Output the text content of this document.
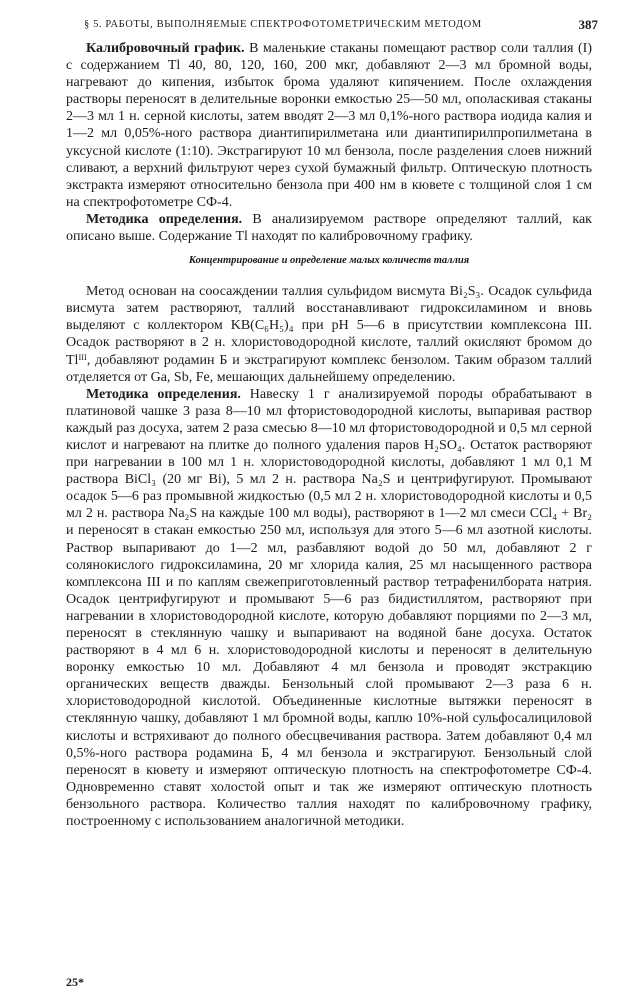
§ 5. РАБОТЫ, ВЫПОЛНЯЕМЫЕ СПЕКТРОФОТОМЕТРИЧЕСКИМ МЕТОДОМ	387

Калибровочный график. В маленькие стаканы помещают раствор соли таллия (I) с содержанием Tl 40, 80, 120, 160, 200 мкг, добавляют 2—3 мл бромной воды, нагревают до кипения, избыток брома удаляют кипячением. После охлаждения растворы переносят в делительные воронки емкостью 25—50 мл, ополаскивая стаканы 2—3 мл 1 н. серной кислоты, затем вводят 2—3 мл 0,1%-ного раствора иодида калия и 1—2 мл 0,05%-ного раствора диантипирилметана или диантипирилпропилметана в уксусной кислоте (1:10). Экстрагируют 10 мл бензола, после разделения слоев нижний сливают, а верхний фильтруют через сухой бумажный фильтр. Оптическую плотность экстракта измеряют относительно бензола при 400 нм в кювете с толщиной слоя 1 см на спектрофотометре СФ-4.

Методика определения. В анализируемом растворе определяют таллий, как описано выше. Содержание Tl находят по калибровочному графику.

Концентрирование и определение малых количеств таллия

Метод основан на соосаждении таллия сульфидом висмута Bi₂S₃. Осадок сульфида висмута затем растворяют, таллий восстанавливают гидроксиламином и вновь выделяют с коллектором KB(C₆H₅)₄ при pH 5—6 в присутствии комплексона III. Осадок растворяют в 2 н. хлористоводородной кислоте, таллий окисляют бромом до Tlᴵᴵᴵ, добавляют родамин Б и экстрагируют комплекс бензолом. Таким образом таллий отделяется от Ga, Sb, Fe, мешающих дальнейшему определению.

Методика определения. Навеску 1 г анализируемой породы обрабатывают в платиновой чашке 3 раза 8—10 мл фтористоводородной кислоты, выпаривая раствор каждый раз досуха, затем 2 раза смесью 8—10 мл фтористоводородной и 0,5 мл серной кислот и нагревают на плитке до полного удаления паров H₂SO₄. Остаток растворяют при нагревании в 100 мл 1 н. хлористоводородной кислоты, добавляют 1 мл 0,1 М раствора BiCl₃ (20 мг Bi), 5 мл 2 н. раствора Na₂S и центрифугируют. Промывают осадок 5—6 раз промывной жидкостью (0,5 мл 2 н. хлористоводородной кислоты и 0,5 мл 2 н. раствора Na₂S на каждые 100 мл воды), растворяют в 1—2 мл смеси CCl₄ + Br₂ и переносят в стакан емкостью 250 мл, используя для этого 5—6 мл азотной кислоты. Раствор выпаривают до 1—2 мл, разбавляют водой до 50 мл, добавляют 2 г солянокислого гидроксиламина, 20 мг хлорида калия, 25 мл насыщенного раствора комплексона III и по каплям свежеприготовленный раствор тетрафенилбората натрия. Осадок центрифугируют и промывают 5—6 раз бидистиллятом, растворяют при нагревании в хлористоводородной кислоте, которую добавляют порциями по 2—3 мл, переносят в стеклянную чашку и выпаривают на водяной бане досуха. Остаток растворяют в 4 мл 6 н. хлористоводородной кислоты и переносят в делительную воронку емкостью 10 мл. Добавляют 4 мл бензола и проводят экстракцию органических веществ дважды. Бензольный слой промывают 2—3 раза 6 н. хлористоводородной кислотой. Объединенные кислотные вытяжки переносят в стеклянную чашку, добавляют 1 мл бромной воды, каплю 10%-ной сульфосалициловой кислоты и встряхивают до полного обесцвечивания раствора. Затем добавляют 0,4 мл 0,5%-ного раствора родамина Б, 4 мл бензола и экстрагируют. Бензольный слой переносят в кювету и измеряют оптическую плотность на спектрофотометре СФ-4. Одновременно ставят холостой опыт и так же измеряют оптическую плотность бензольного раствора. Количество таллия находят по калибровочному графику, построенному с использованием аналогичной методики.

25*
